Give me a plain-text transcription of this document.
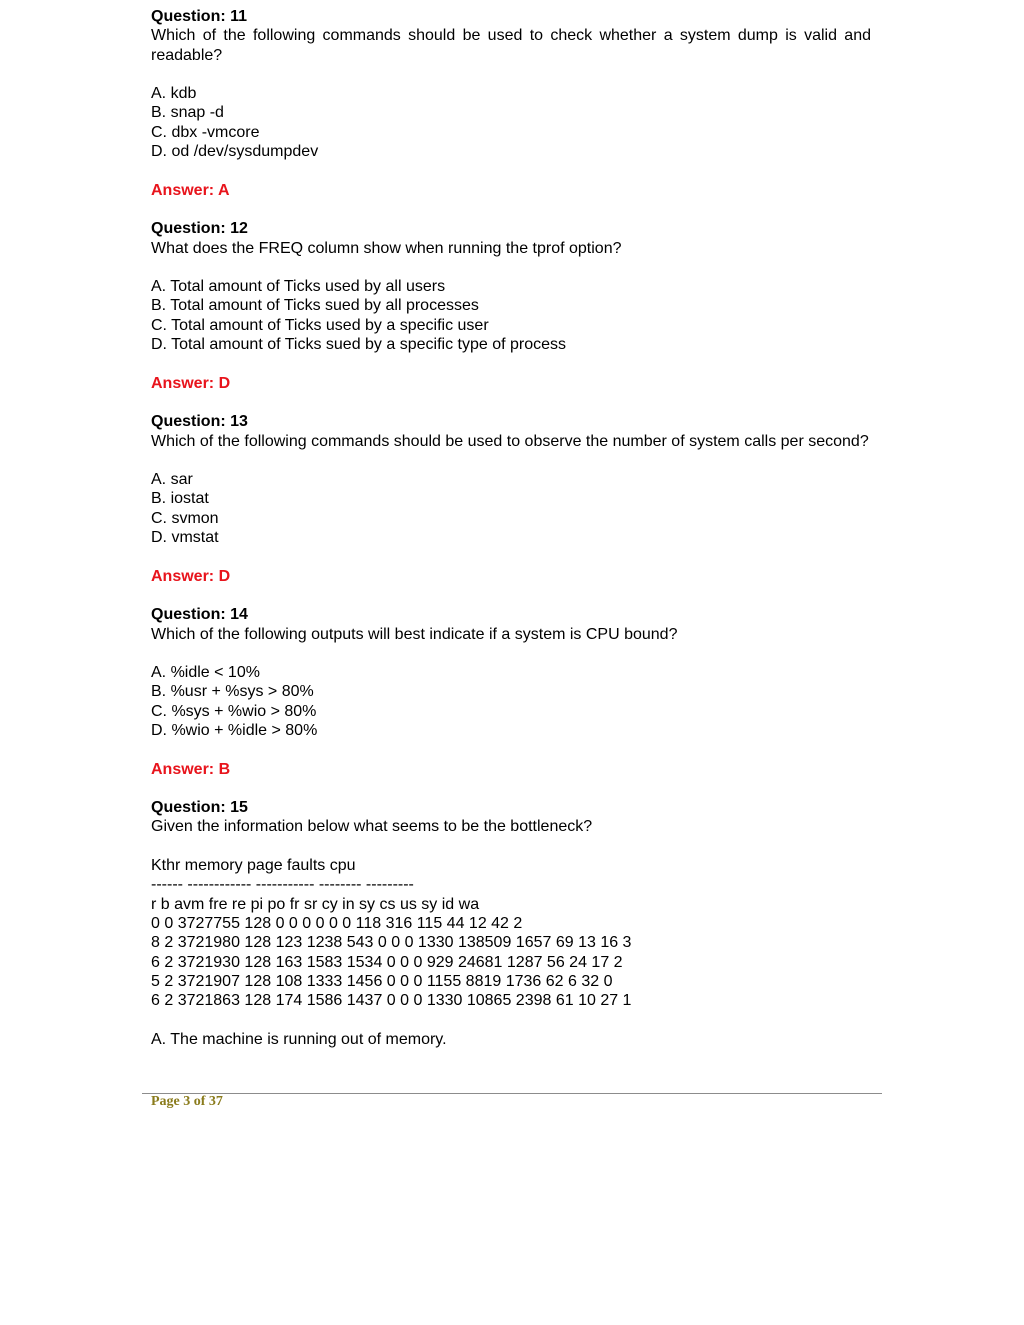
Question: 11

Which of the following commands should be used to check whether a system dump is valid and readable?

A. kdb

B. snap -d

C. dbx -vmcore

D. od /dev/sysdumpdev

Answer: A

Question: 12

What does the FREQ column show when running the tprof option?

A. Total amount of Ticks used by all users

B. Total amount of Ticks sued by all processes

C. Total amount of Ticks used by a specific user

D. Total amount of Ticks sued by a specific type of process

Answer: D

Question: 13

Which of the following commands should be used to observe the number of system calls per second?

A. sar

B. iostat

C. svmon

D. vmstat

Answer: D

Question: 14

Which of the following outputs will best indicate if a system is CPU bound?

A. %idle < 10%

B. %usr + %sys > 80%

C. %sys + %wio > 80%

D. %wio + %idle > 80%

Answer: B

Question: 15

Given the information below what seems to be the bottleneck?

Kthr memory page faults cpu

------ ------------ ----------- -------- ---------

r b avm fre re pi po fr sr cy in sy cs us sy id wa

0 0 3727755 128 0 0 0 0 0 0 118 316 115 44 12 42 2

8 2 3721980 128 123 1238 543 0 0 0 1330 138509 1657 69 13 16 3

6 2 3721930 128 163 1583 1534 0 0 0 929 24681 1287 56 24 17 2

5 2 3721907 128 108 1333 1456 0 0 0 1155 8819 1736 62 6 32 0

6 2 3721863 128 174 1586 1437 0 0 0 1330 10865 2398 61 10 27 1

A. The machine is running out of memory.

Page 3 of 37
